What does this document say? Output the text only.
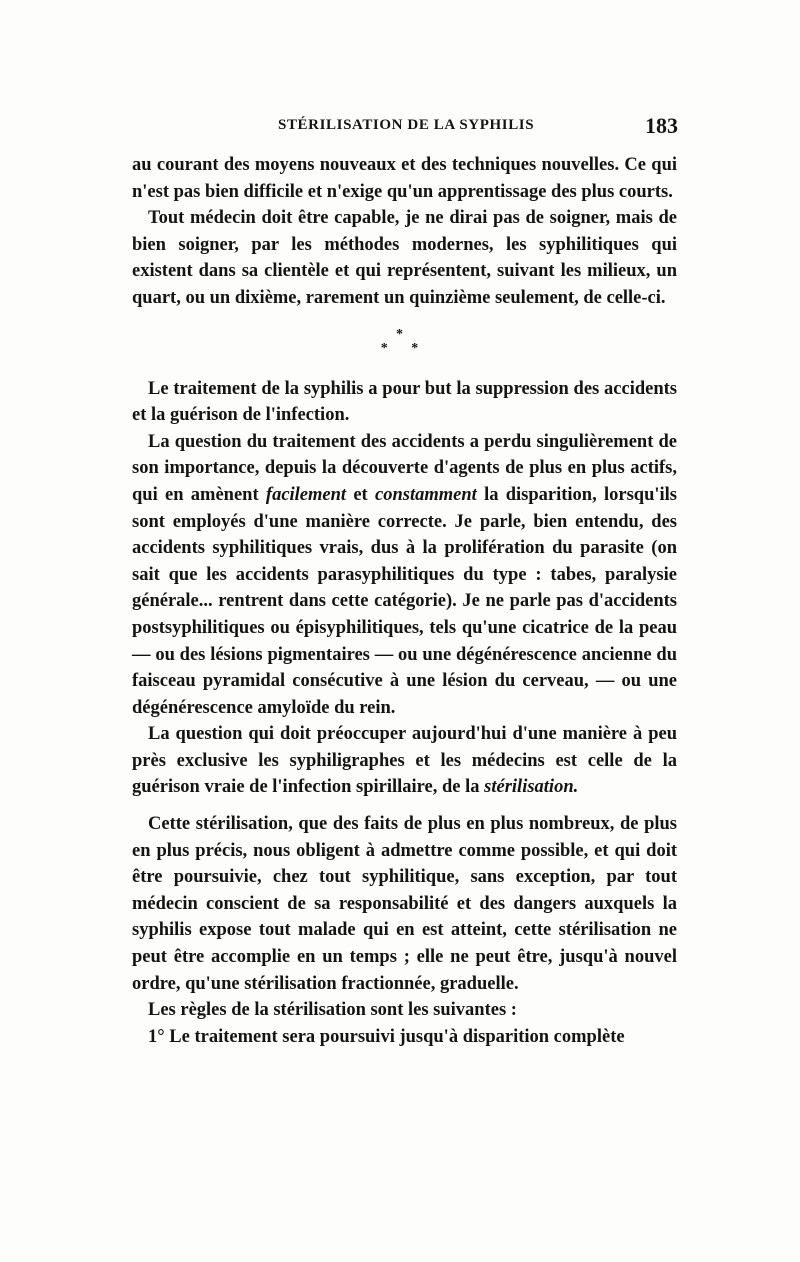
STÉRILISATION DE LA SYPHILIS	183

au courant des moyens nouveaux et des techniques nouvelles. Ce qui n'est pas bien difficile et n'exige qu'un apprentissage des plus courts.

Tout médecin doit être capable, je ne dirai pas de soigner, mais de bien soigner, par les méthodes modernes, les syphilitiques qui existent dans sa clientèle et qui représentent, suivant les milieux, un quart, ou un dixième, rarement un quinzième seulement, de celle-ci.

*
* *

Le traitement de la syphilis a pour but la suppression des accidents et la guérison de l'infection.

La question du traitement des accidents a perdu singulièrement de son importance, depuis la découverte d'agents de plus en plus actifs, qui en amènent facilement et constamment la disparition, lorsqu'ils sont employés d'une manière correcte. Je parle, bien entendu, des accidents syphilitiques vrais, dus à la prolifération du parasite (on sait que les accidents parasyphilitiques du type : tabes, paralysie générale... rentrent dans cette catégorie). Je ne parle pas d'accidents postsyphilitiques ou épisyphilitiques, tels qu'une cicatrice de la peau — ou des lésions pigmentaires — ou une dégénérescence ancienne du faisceau pyramidal consécutive à une lésion du cerveau, — ou une dégénérescence amyloïde du rein.

La question qui doit préoccuper aujourd'hui d'une manière à peu près exclusive les syphiligraphes et les médecins est celle de la guérison vraie de l'infection spirillaire, de la stérilisation.

Cette stérilisation, que des faits de plus en plus nombreux, de plus en plus précis, nous obligent à admettre comme possible, et qui doit être poursuivie, chez tout syphilitique, sans exception, par tout médecin conscient de sa responsabilité et des dangers auxquels la syphilis expose tout malade qui en est atteint, cette stérilisation ne peut être accomplie en un temps ; elle ne peut être, jusqu'à nouvel ordre, qu'une stérilisation fractionnée, graduelle.

Les règles de la stérilisation sont les suivantes :

1° Le traitement sera poursuivi jusqu'à disparition complète
